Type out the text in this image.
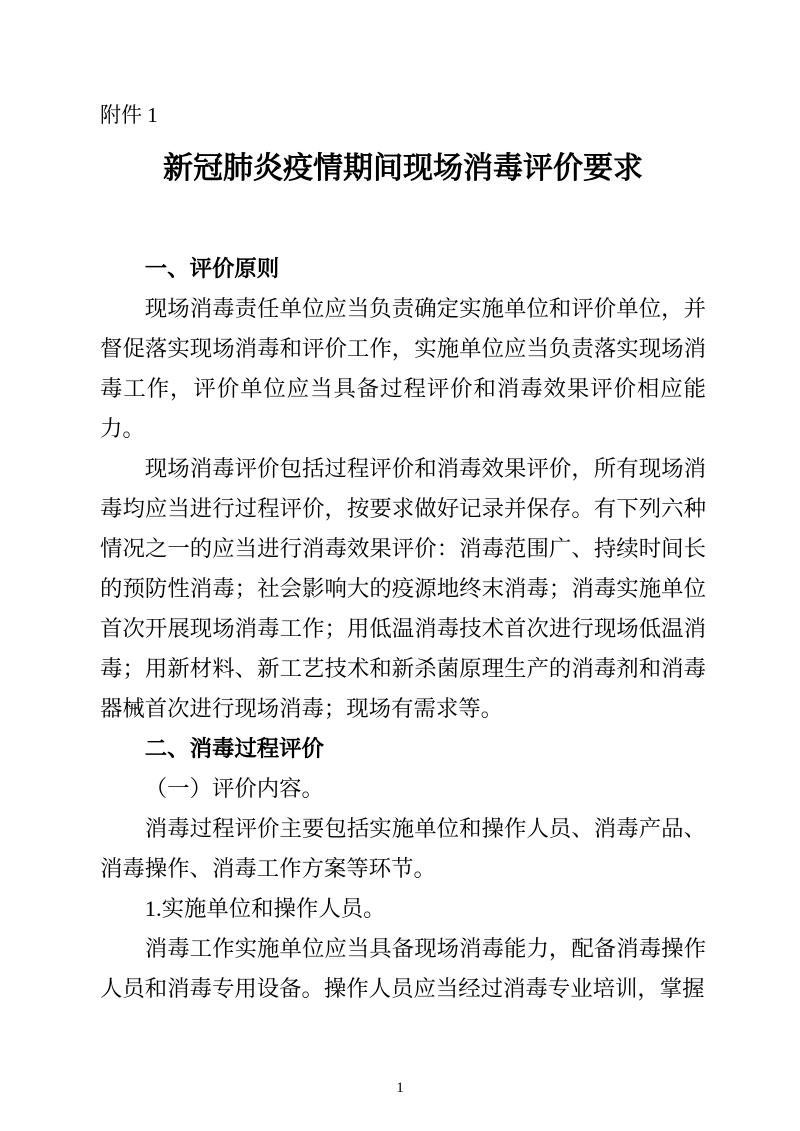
附件 1
新冠肺炎疫情期间现场消毒评价要求
一、评价原则

现场消毒责任单位应当负责确定实施单位和评价单位，并督促落实现场消毒和评价工作，实施单位应当负责落实现场消毒工作，评价单位应当具备过程评价和消毒效果评价相应能力。

现场消毒评价包括过程评价和消毒效果评价，所有现场消毒均应当进行过程评价，按要求做好记录并保存。有下列六种情况之一的应当进行消毒效果评价：消毒范围广、持续时间长的预防性消毒；社会影响大的疫源地终末消毒；消毒实施单位首次开展现场消毒工作；用低温消毒技术首次进行现场低温消毒；用新材料、新工艺技术和新杀菌原理生产的消毒剂和消毒器械首次进行现场消毒；现场有需求等。

二、消毒过程评价

（一）评价内容。

消毒过程评价主要包括实施单位和操作人员、消毒产品、消毒操作、消毒工作方案等环节。

1.实施单位和操作人员。

消毒工作实施单位应当具备现场消毒能力，配备消毒操作人员和消毒专用设备。操作人员应当经过消毒专业培训，掌握

1
